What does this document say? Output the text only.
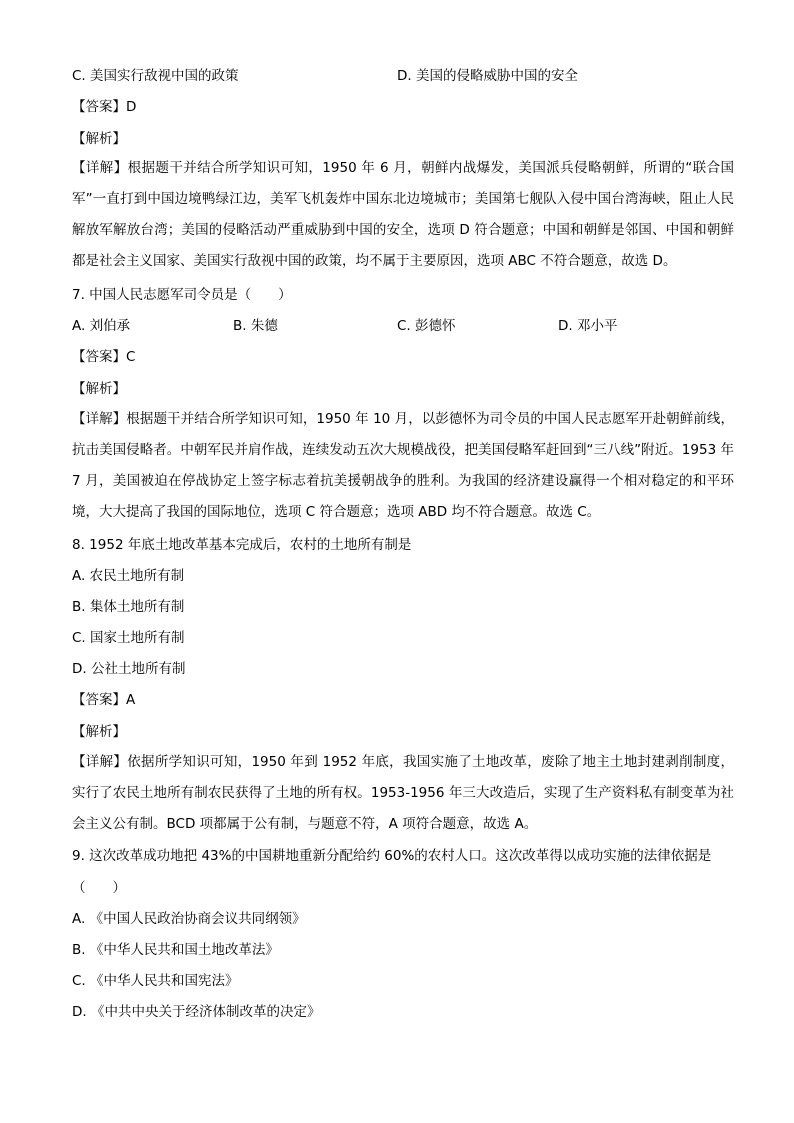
C. 美国实行敌视中国的政策	D. 美国的侵略威胁中国的安全
【答案】D
【解析】
【详解】根据题干并结合所学知识可知，1950 年 6 月，朝鲜内战爆发，美国派兵侵略朝鲜，所谓的“联合国军”一直打到中国边境鸭绿江边，美军飞机轰炸中国东北边境城市；美国第七舰队入侵中国台湾海峡，阻止人民解放军解放台湾；美国的侵略活动严重威胁到中国的安全，选项 D 符合题意；中国和朝鲜是邻国、中国和朝鲜都是社会主义国家、美国实行敌视中国的政策，均不属于主要原因，选项 ABC 不符合题意，故选 D。
7. 中国人民志愿军司令员是（　　）
A. 刘伯承	B. 朱德	C. 彭德怀	D. 邓小平
【答案】C
【解析】
【详解】根据题干并结合所学知识可知，1950 年 10 月，以彭德怀为司令员的中国人民志愿军开赴朝鲜前线，抗击美国侵略者。中朝军民并肩作战，连续发动五次大规模战役，把美国侵略军赶回到“三八线”附近。1953 年 7 月，美国被迫在停战协定上签字标志着抗美援朝战争的胜利。为我国的经济建设赢得一个相对稳定的和平环境，大大提高了我国的国际地位，选项 C 符合题意；选项 ABD 均不符合题意。故选 C。
8. 1952 年底土地改革基本完成后，农村的土地所有制是
A. 农民土地所有制
B. 集体土地所有制
C. 国家土地所有制
D. 公社土地所有制
【答案】A
【解析】
【详解】依据所学知识可知，1950 年到 1952 年底，我国实施了土地改革，废除了地主土地封建剥削制度，实行了农民土地所有制农民获得了土地的所有权。1953-1956 年三大改造后，实现了生产资料私有制变革为社会主义公有制。BCD 项都属于公有制，与题意不符，A 项符合题意，故选 A。
9. 这次改革成功地把 43%的中国耕地重新分配给约 60%的农村人口。这次改革得以成功实施的法律依据是
（　　）
A. 《中国人民政治协商会议共同纲领》
B. 《中华人民共和国土地改革法》
C. 《中华人民共和国宪法》
D. 《中共中央关于经济体制改革的决定》
